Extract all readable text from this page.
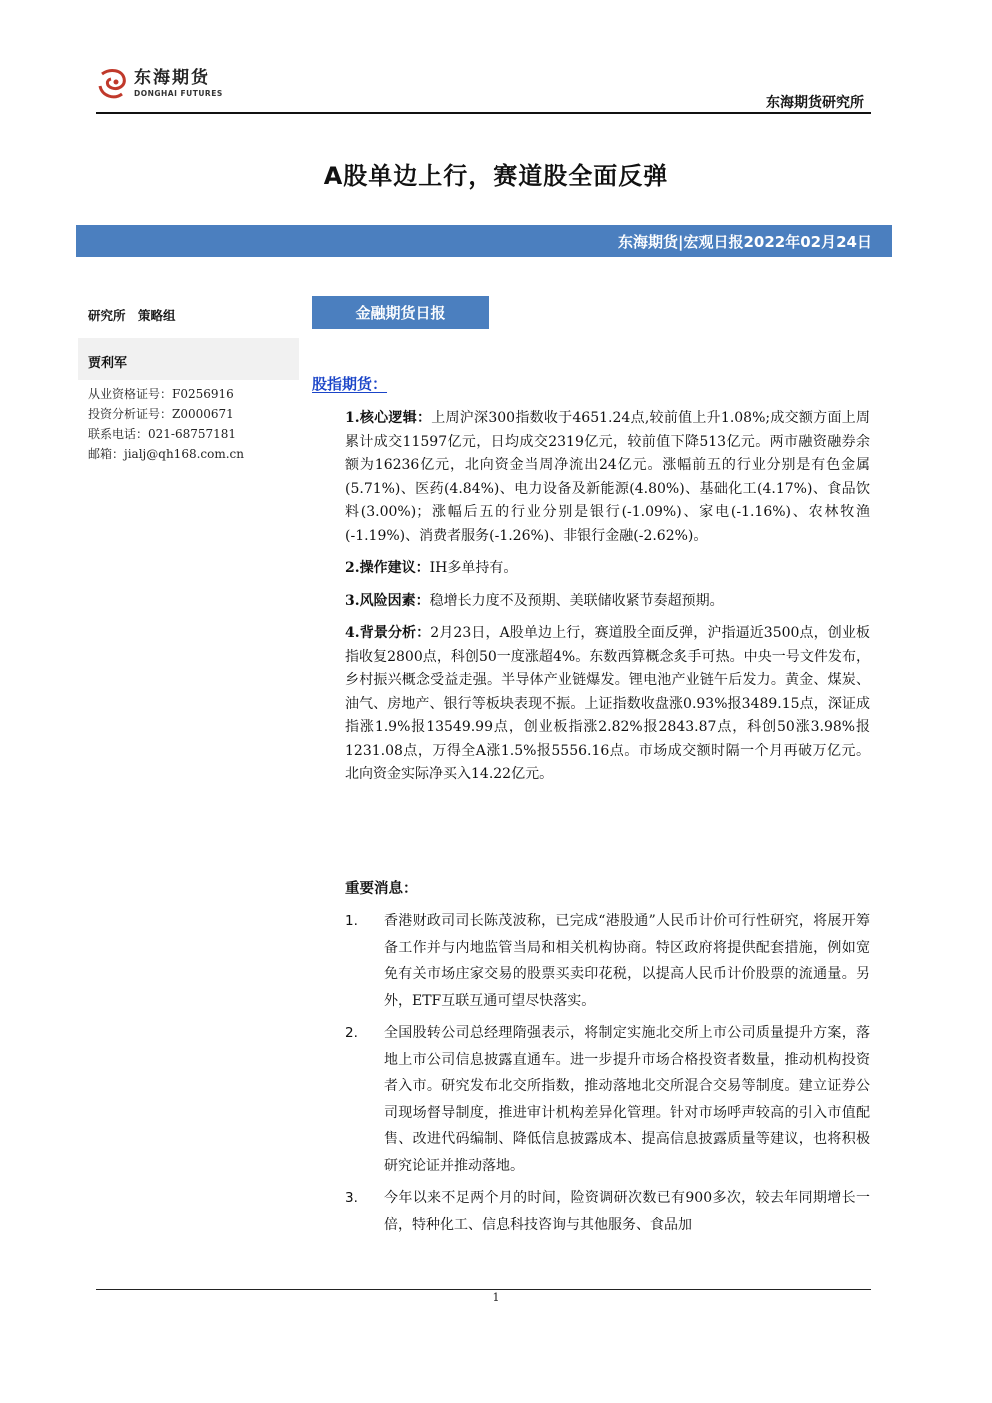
东海期货
DONGHAI FUTURES
东海期货研究所
A股单边上行，赛道股全面反弹
东海期货|宏观日报2022年02月24日
研究所　策略组
贾利军
从业资格证号：F0256916
投资分析证号：Z0000671
联系电话：021-68757181
邮箱：jialj@qh168.com.cn
金融期货日报
股指期货：

1.核心逻辑：上周沪深300指数收于4651.24点,较前值上升1.08%;成交额方面上周累计成交11597亿元，日均成交2319亿元，较前值下降513亿元。两市融资融券余额为16236亿元，北向资金当周净流出24亿元。涨幅前五的行业分别是有色金属(5.71%)、医药(4.84%)、电力设备及新能源(4.80%)、基础化工(4.17%)、食品饮料(3.00%)；涨幅后五的行业分别是银行(-1.09%)、家电(-1.16%)、农林牧渔(-1.19%)、消费者服务(-1.26%)、非银行金融(-2.62%)。

2.操作建议：IH多单持有。

3.风险因素：稳增长力度不及预期、美联储收紧节奏超预期。

4.背景分析：2月23日，A股单边上行，赛道股全面反弹，沪指逼近3500点，创业板指收复2800点，科创50一度涨超4%。东数西算概念炙手可热。中央一号文件发布，乡村振兴概念受益走强。半导体产业链爆发。锂电池产业链午后发力。黄金、煤炭、油气、房地产、银行等板块表现不振。上证指数收盘涨0.93%报3489.15点，深证成指涨1.9%报13549.99点，创业板指涨2.82%报2843.87点，科创50涨3.98%报1231.08点，万得全A涨1.5%报5556.16点。市场成交额时隔一个月再破万亿元。北向资金实际净买入14.22亿元。

重要消息：
1.	香港财政司司长陈茂波称，已完成“港股通”人民币计价可行性研究，将展开筹备工作并与内地监管当局和相关机构协商。特区政府将提供配套措施，例如宽免有关市场庄家交易的股票买卖印花税，以提高人民币计价股票的流通量。另外，ETF互联互通可望尽快落实。
2.	全国股转公司总经理隋强表示，将制定实施北交所上市公司质量提升方案，落地上市公司信息披露直通车。进一步提升市场合格投资者数量，推动机构投资者入市。研究发布北交所指数，推动落地北交所混合交易等制度。建立证券公司现场督导制度，推进审计机构差异化管理。针对市场呼声较高的引入市值配售、改进代码编制、降低信息披露成本、提高信息披露质量等建议，也将积极研究论证并推动落地。
3.	今年以来不足两个月的时间，险资调研次数已有900多次，较去年同期增长一倍，特种化工、信息科技咨询与其他服务、食品加
1
